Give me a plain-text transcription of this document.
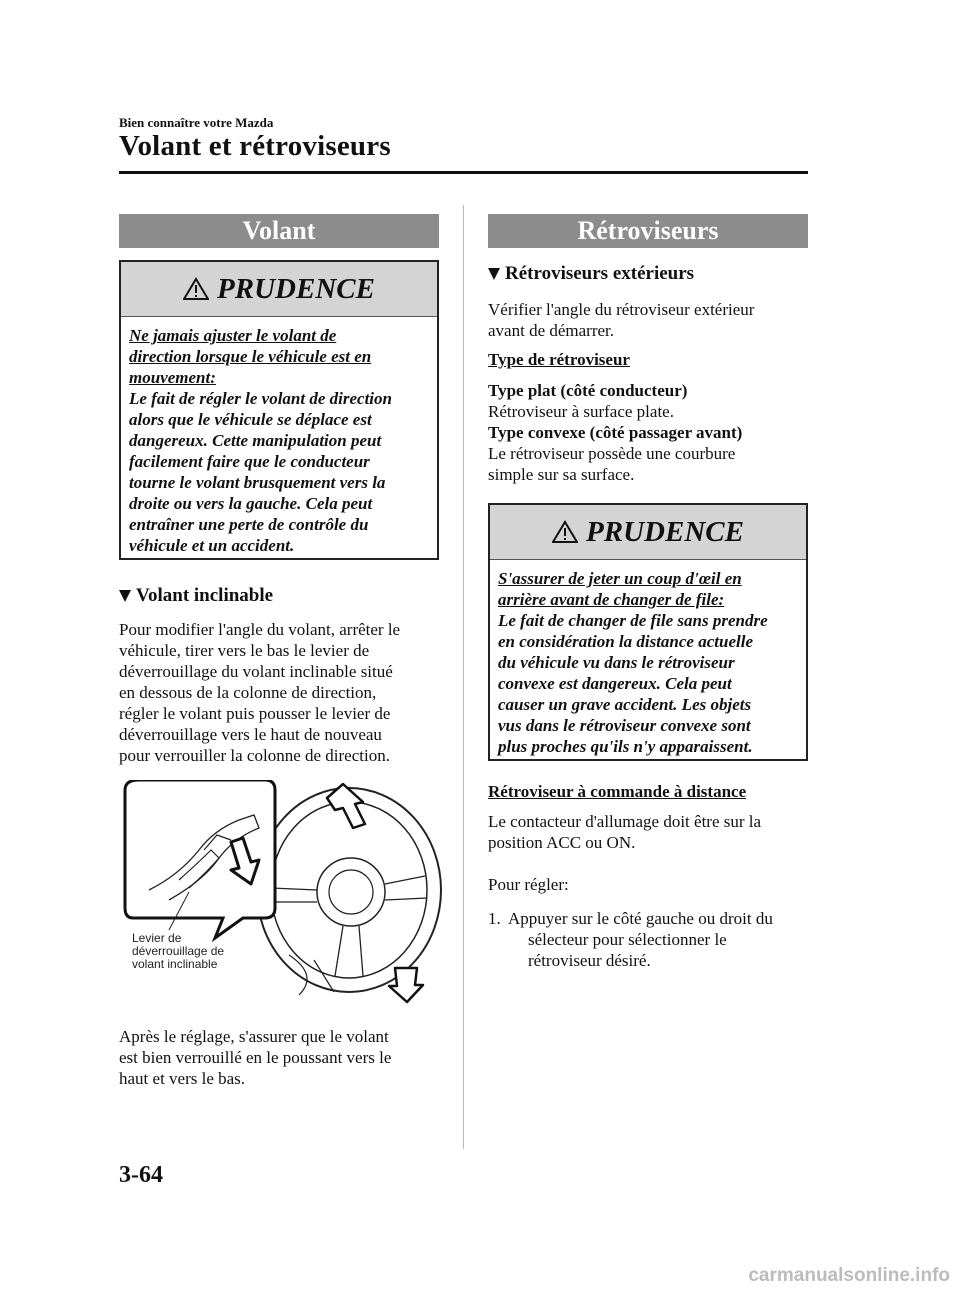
Bien connaître votre Mazda
Volant et rétroviseurs
Volant
PRUDENCE
Ne jamais ajuster le volant de
direction lorsque le véhicule est en
mouvement:
Le fait de régler le volant de direction
alors que le véhicule se déplace est
dangereux. Cette manipulation peut
facilement faire que le conducteur
tourne le volant brusquement vers la
droite ou vers la gauche. Cela peut
entraîner une perte de contrôle du
véhicule et un accident.
Volant inclinable
Pour modifier l'angle du volant, arrêter le
véhicule, tirer vers le bas le levier de
déverrouillage du volant inclinable situé
en dessous de la colonne de direction,
régler le volant puis pousser le levier de
déverrouillage vers le haut de nouveau
pour verrouiller la colonne de direction.
Levier de
déverrouillage de
volant inclinable
Après le réglage, s'assurer que le volant
est bien verrouillé en le poussant vers le
haut et vers le bas.
Rétroviseurs
Rétroviseurs extérieurs
Vérifier l'angle du rétroviseur extérieur
avant de démarrer.
Type de rétroviseur
Type plat (côté conducteur)
Rétroviseur à surface plate.
Type convexe (côté passager avant)
Le rétroviseur possède une courbure
simple sur sa surface.
PRUDENCE
S'assurer de jeter un coup d'œil en
arrière avant de changer de file:
Le fait de changer de file sans prendre
en considération la distance actuelle
du véhicule vu dans le rétroviseur
convexe est dangereux. Cela peut
causer un grave accident. Les objets
vus dans le rétroviseur convexe sont
plus proches qu'ils n'y apparaissent.
Rétroviseur à commande à distance
Le contacteur d'allumage doit être sur la
position ACC ou ON.
Pour régler:
1. Appuyer sur le côté gauche ou droit du
sélecteur pour sélectionner le
rétroviseur désiré.
3-64
carmanualsonline.info
